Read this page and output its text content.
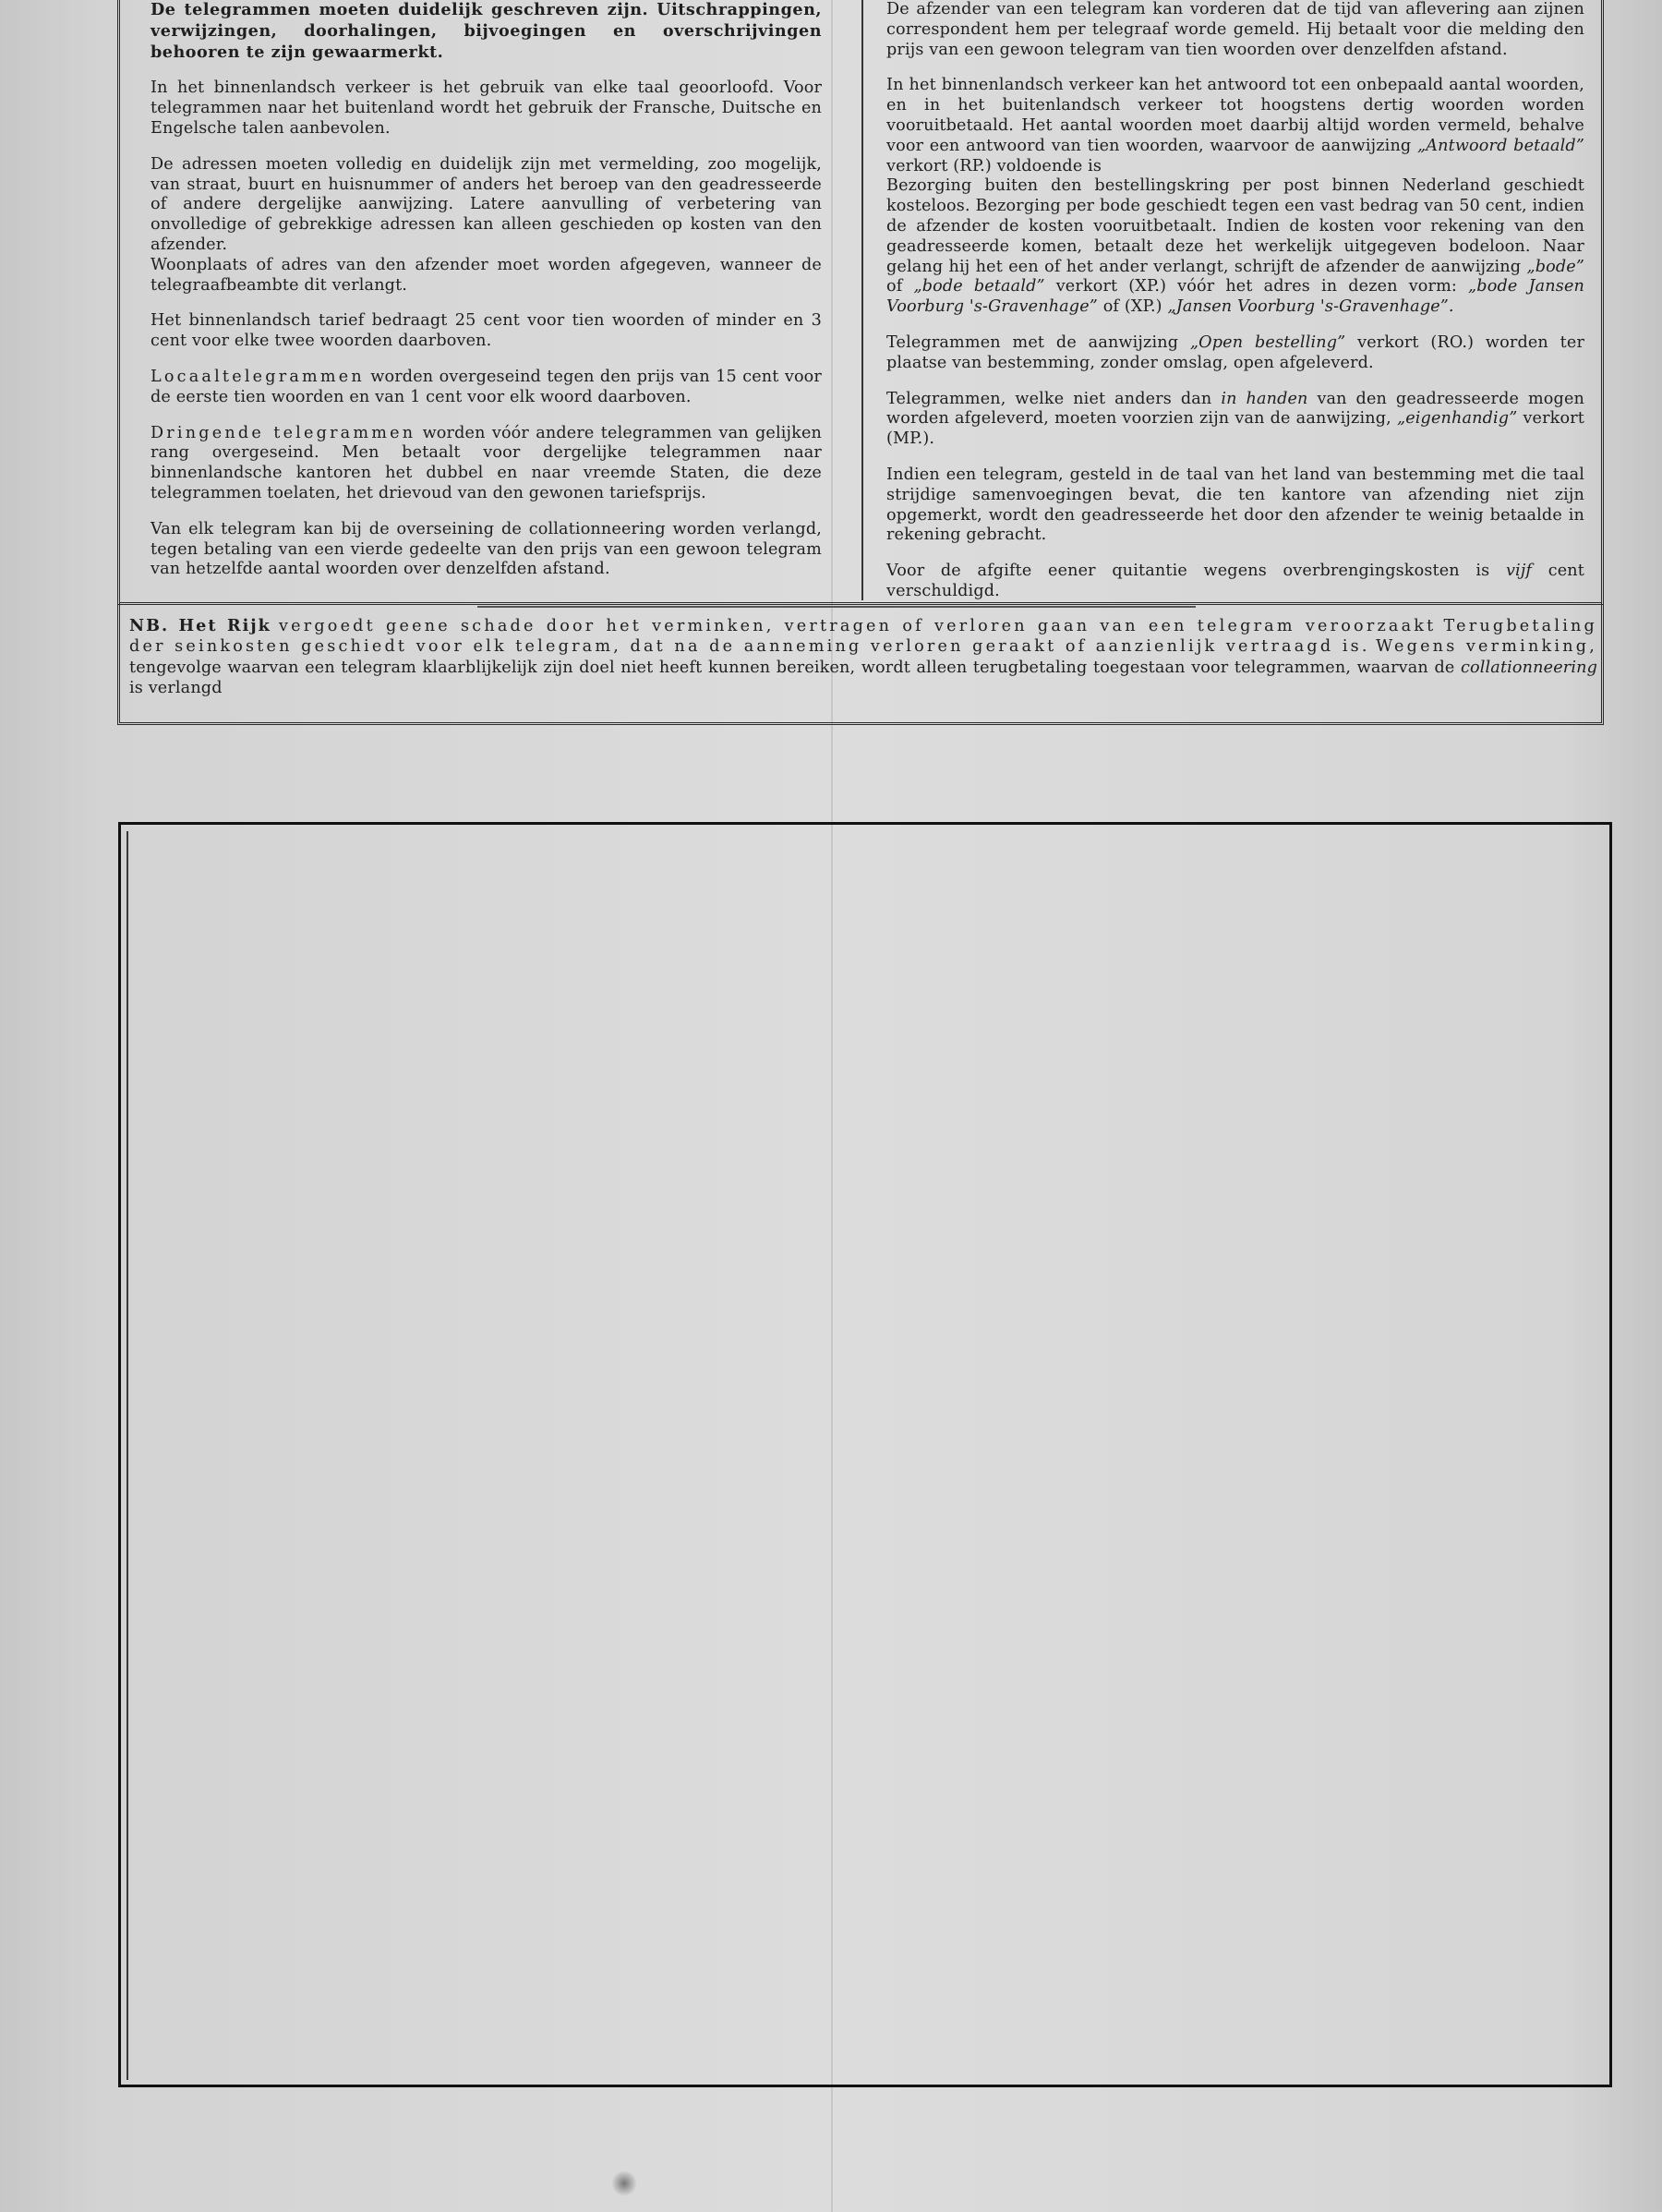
De telegrammen moeten duidelijk geschreven zijn. Uitschrappingen, verwijzingen, doorhalingen, bijvoegingen en overschrijvingen behooren te zijn gewaarmerkt.

In het binnenlandsch verkeer is het gebruik van elke taal geoorloofd. Voor telegrammen naar het buitenland wordt het gebruik der Fransche, Duitsche en Engelsche talen aanbevolen.

De adressen moeten volledig en duidelijk zijn met vermelding, zoo mogelijk, van straat, buurt en huisnummer of anders het beroep van den geadresseerde of andere dergelijke aanwijzing. Latere aanvulling of verbetering van onvolledige of gebrekkige adressen kan alleen geschieden op kosten van den afzender.

Woonplaats of adres van den afzender moet worden afgegeven, wanneer de telegraafbeambte dit verlangt.

Het binnenlandsch tarief bedraagt 25 cent voor tien woorden of minder en 3 cent voor elke twee woorden daarboven.

Locaaltelegrammen worden overgeseind tegen den prijs van 15 cent voor de eerste tien woorden en van 1 cent voor elk woord daarboven.

Dringende telegrammen worden vóór andere telegrammen van gelijken rang overgeseind. Men betaalt voor dergelijke telegrammen naar binnenlandsche kantoren het dubbel en naar vreemde Staten, die deze telegrammen toelaten, het drievoud van den gewonen tariefsprijs.

Van elk telegram kan bij de overseining de collationneering worden verlangd, tegen betaling van een vierde gedeelte van den prijs van een gewoon telegram van hetzelfde aantal woorden over denzelfden afstand.

De afzender van een telegram kan vorderen dat de tijd van aflevering aan zijnen correspondent hem per telegraaf worde gemeld. Hij betaalt voor die melding den prijs van een gewoon telegram van tien woorden over denzelfden afstand.

In het binnenlandsch verkeer kan het antwoord tot een onbepaald aantal woorden, en in het buitenlandsch verkeer tot hoogstens dertig woorden worden vooruitbetaald. Het aantal woorden moet daarbij altijd worden vermeld, behalve voor een antwoord van tien woorden, waarvoor de aanwijzing „Antwoord betaald” verkort (RP.) voldoende is

Bezorging buiten den bestellingskring per post binnen Nederland geschiedt kosteloos. Bezorging per bode geschiedt tegen een vast bedrag van 50 cent, indien de afzender de kosten vooruitbetaalt. Indien de kosten voor rekening van den geadresseerde komen, betaalt deze het werkelijk uitgegeven bodeloon. Naar gelang hij het een of het ander verlangt, schrijft de afzender de aanwijzing „bode” of „bode betaald” verkort (XP.) vóór het adres in dezen vorm: „bode Jansen Voorburg 's-Gravenhage” of (XP.) „Jansen Voorburg 's-Gravenhage”.

Telegrammen met de aanwijzing „Open bestelling” verkort (RO.) worden ter plaatse van bestemming, zonder omslag, open afgeleverd.

Telegrammen, welke niet anders dan in handen van den geadresseerde mogen worden afgeleverd, moeten voorzien zijn van de aanwijzing, „eigenhandig” verkort (MP.).

Indien een telegram, gesteld in de taal van het land van bestemming met die taal strijdige samenvoegingen bevat, die ten kantore van afzending niet zijn opgemerkt, wordt den geadresseerde het door den afzender te weinig betaalde in rekening gebracht.

Voor de afgifte eener quitantie wegens overbrengingskosten is vijf cent verschuldigd.

NB. Het Rijk vergoedt geene schade door het verminken, vertragen of verloren gaan van een telegram veroorzaakt Terugbetaling der seinkosten geschiedt voor elk telegram, dat na de aanneming verloren geraakt of aanzienlijk vertraagd is. Wegens verminking, tengevolge waarvan een telegram klaarblijkelijk zijn doel niet heeft kunnen bereiken, wordt alleen terugbetaling toegestaan voor telegrammen, waarvan de collationneering is verlangd
